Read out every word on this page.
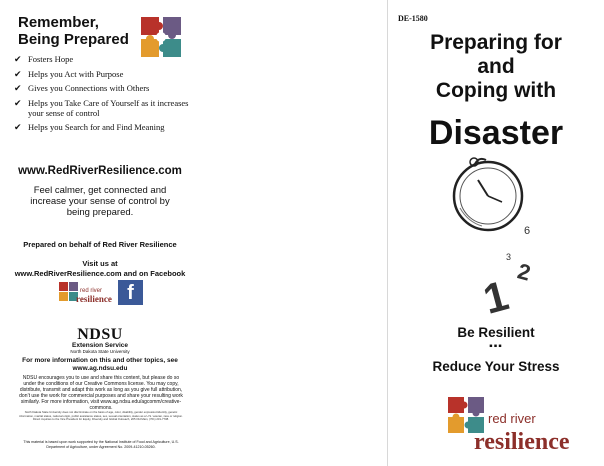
Remember, Being Prepared
✔ Fosters Hope
✔ Helps you Act with Purpose
✔ Gives you Connections with Others
✔ Helps you Take Care of Yourself as it increases your sense of control
✔ Helps you Search for and Find Meaning
www.RedRiverResilience.com
Feel calmer, get connected and increase your sense of control by being prepared.
Prepared on behalf of Red River Resilience
Visit us at
www.RedRiverResilience.com and on Facebook
red river
resilience f
NDSU
Extension Service
North Dakota State University
For more information on this and other topics, see
www.ag.ndsu.edu
NDSU encourages you to use and share this content, but please do so under the conditions of our Creative Commons license. You may copy, distribute, transmit and adapt this work as long as you give full attribution, don’t use the work for commercial purposes and share your resulting work similarly. For more information, visit www.ag.ndsu.edu/agcomm/creative-commons.
North Dakota State University does not discriminate on the basis of age, color, disability, gender expression/identity, genetic information, marital status, national origin, public assistance status, sex, sexual orientation, status as a U.S. veteran, race or religion. Direct inquiries to the Vice President for Equity, Diversity and Global Outreach, 205 Old Main, (701) 231-7708.
This material is based upon work supported by the National Institute of Food and Agriculture, U.S. Department of Agriculture, under Agreement No. 2009-41210-05260.
DE-1580
Preparing for
and
Coping with
Disaster
6
3
2
1
Be Resilient
▪▪▪
Reduce Your Stress
red river
resilience
